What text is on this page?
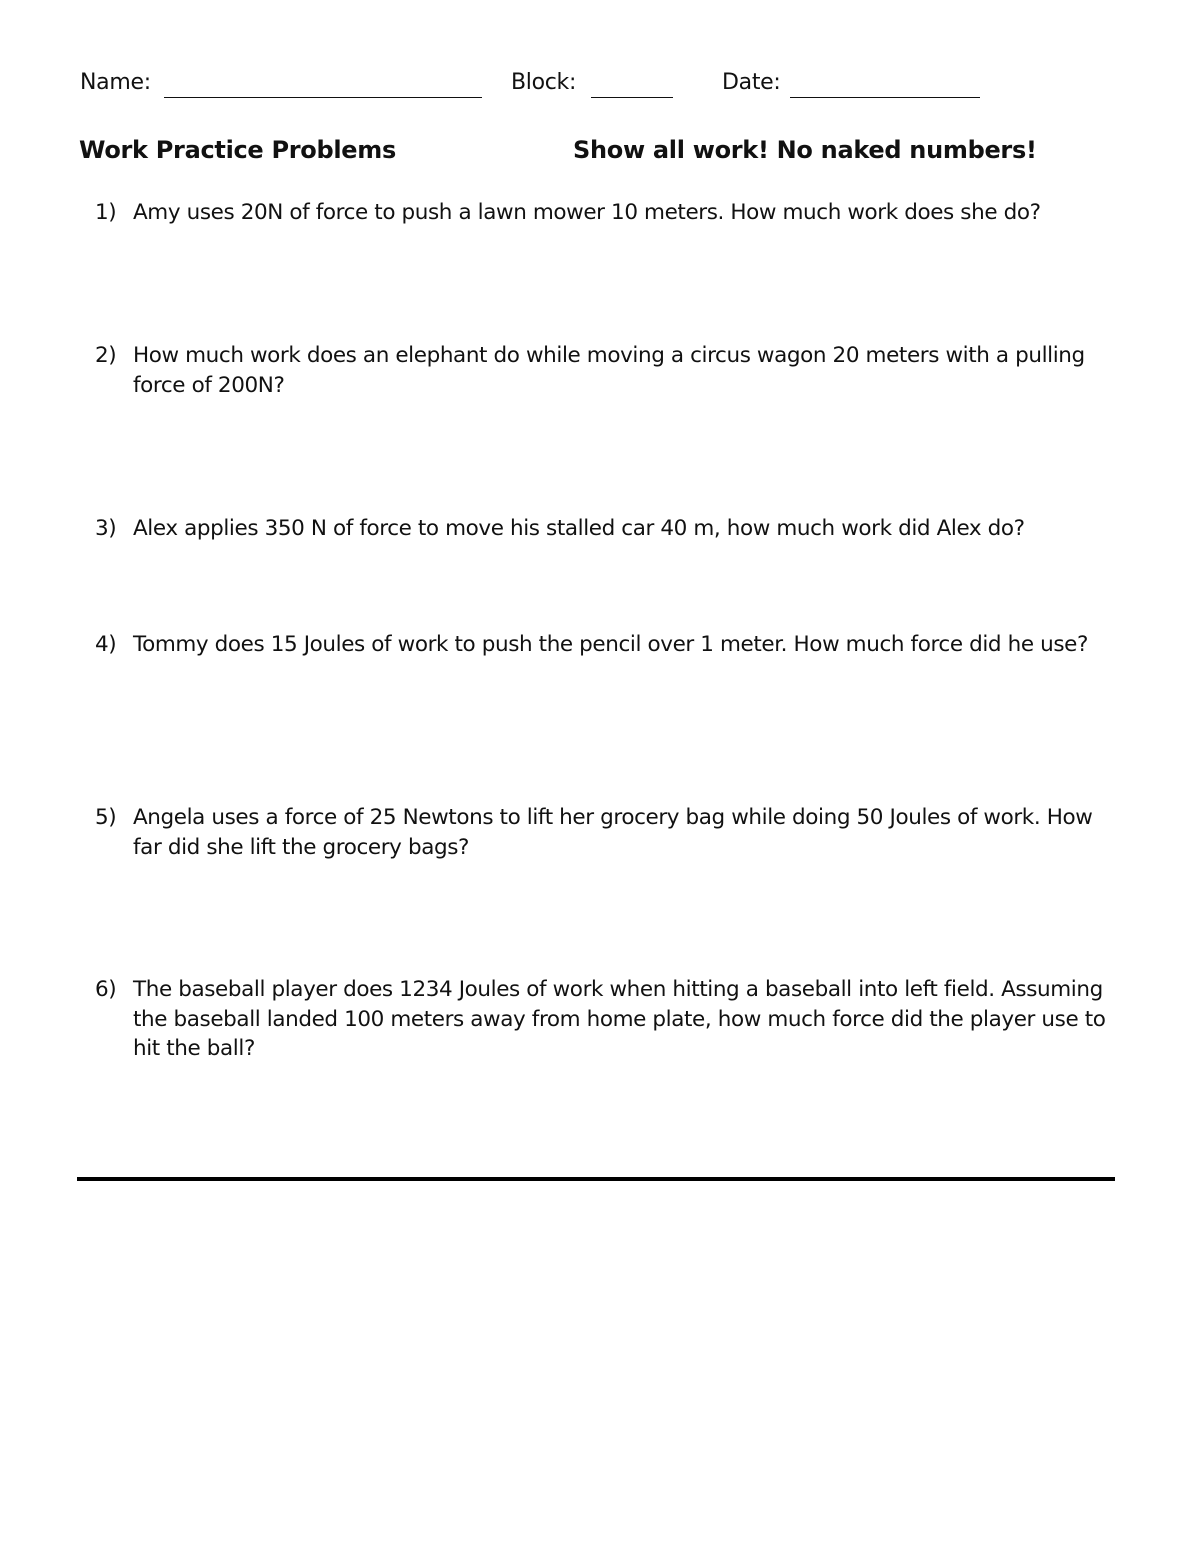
Name:	Block:	Date:
Work Practice Problems	Show all work! No naked numbers!
1) Amy uses 20N of force to push a lawn mower 10 meters. How much work does she do?
2) How much work does an elephant do while moving a circus wagon 20 meters with a pulling force of 200N?
3) Alex applies 350 N of force to move his stalled car 40 m, how much work did Alex do?
4) Tommy does 15 Joules of work to push the pencil over 1 meter. How much force did he use?
5) Angela uses a force of 25 Newtons to lift her grocery bag while doing 50 Joules of work. How far did she lift the grocery bags?
6) The baseball player does 1234 Joules of work when hitting a baseball into left field. Assuming the baseball landed 100 meters away from home plate, how much force did the player use to hit the ball?
